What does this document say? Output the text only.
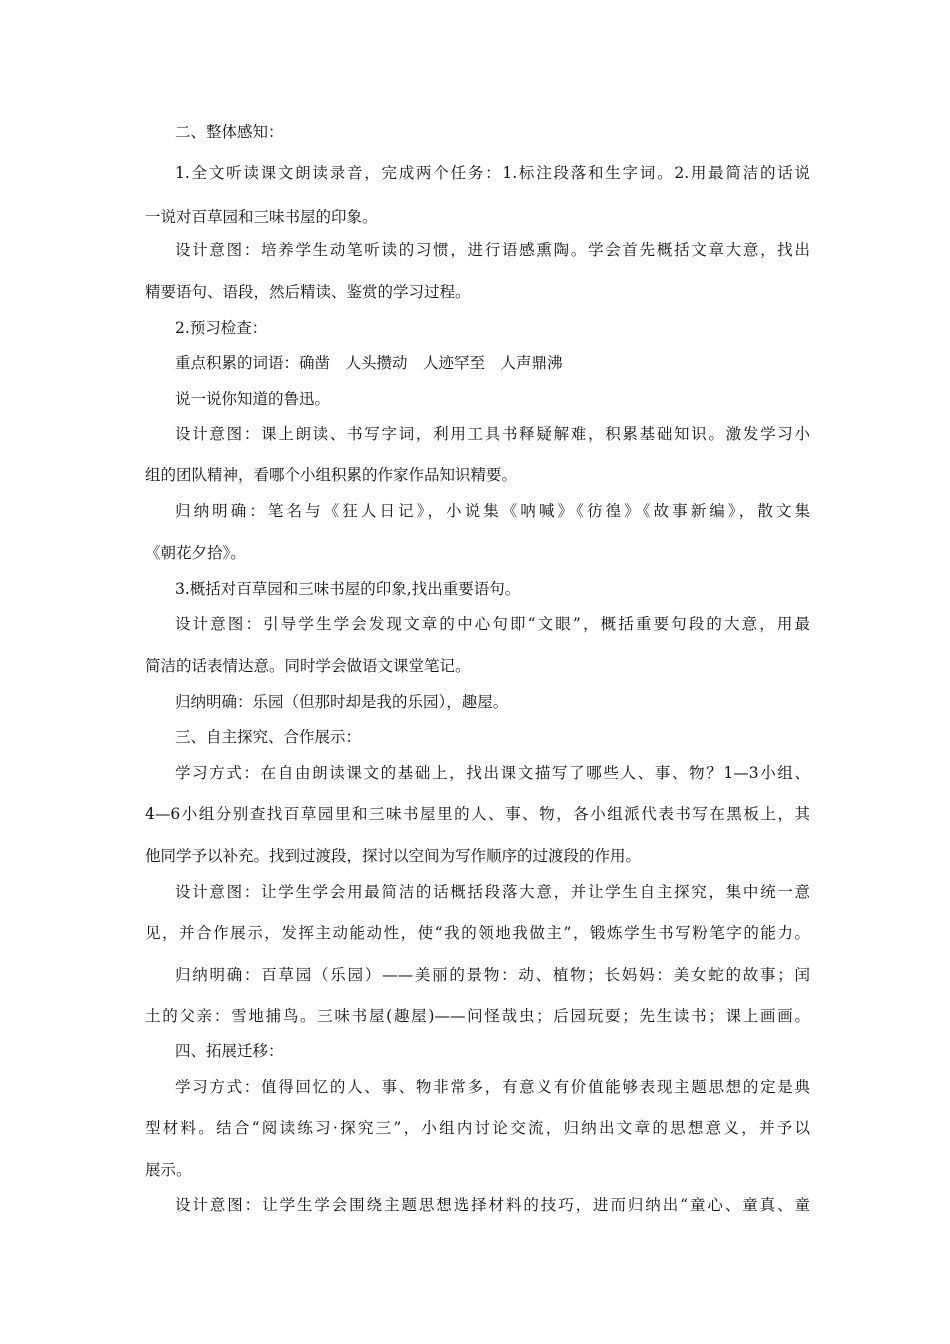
二、整体感知：
1.全文听读课文朗读录音，完成两个任务：1.标注段落和生字词。2.用最简洁的话说
一说对百草园和三味书屋的印象。
设计意图：培养学生动笔听读的习惯，进行语感熏陶。学会首先概括文章大意，找出
精要语句、语段，然后精读、鉴赏的学习过程。
2.预习检查：
重点积累的词语：确凿　人头攒动　人迹罕至　人声鼎沸
说一说你知道的鲁迅。
设计意图：课上朗读、书写字词，利用工具书释疑解难，积累基础知识。激发学习小
组的团队精神，看哪个小组积累的作家作品知识精要。
归纳明确：笔名与《狂人日记》，小说集《呐喊》《彷徨》《故事新编》，散文集
《朝花夕拾》。
3.概括对百草园和三味书屋的印象,找出重要语句。
设计意图：引导学生学会发现文章的中心句即“文眼”，概括重要句段的大意，用最
简洁的话表情达意。同时学会做语文课堂笔记。
归纳明确：乐园（但那时却是我的乐园），趣屋。
三、自主探究、合作展示：
学习方式：在自由朗读课文的基础上，找出课文描写了哪些人、事、物？1—3小组、
4—6小组分别查找百草园里和三味书屋里的人、事、物，各小组派代表书写在黑板上，其
他同学予以补充。找到过渡段，探讨以空间为写作顺序的过渡段的作用。
设计意图：让学生学会用最简洁的话概括段落大意，并让学生自主探究，集中统一意
见，并合作展示，发挥主动能动性，使“我的领地我做主”，锻炼学生书写粉笔字的能力。
归纳明确：百草园（乐园）——美丽的景物：动、植物；长妈妈：美女蛇的故事；闰
土的父亲：雪地捕鸟。三味书屋(趣屋)——问怪哉虫；后园玩耍；先生读书；课上画画。
四、拓展迁移：
学习方式：值得回忆的人、事、物非常多，有意义有价值能够表现主题思想的定是典
型材料。结合“阅读练习·探究三”，小组内讨论交流，归纳出文章的思想意义，并予以
展示。
设计意图：让学生学会围绕主题思想选择材料的技巧，进而归纳出“童心、童真、童
